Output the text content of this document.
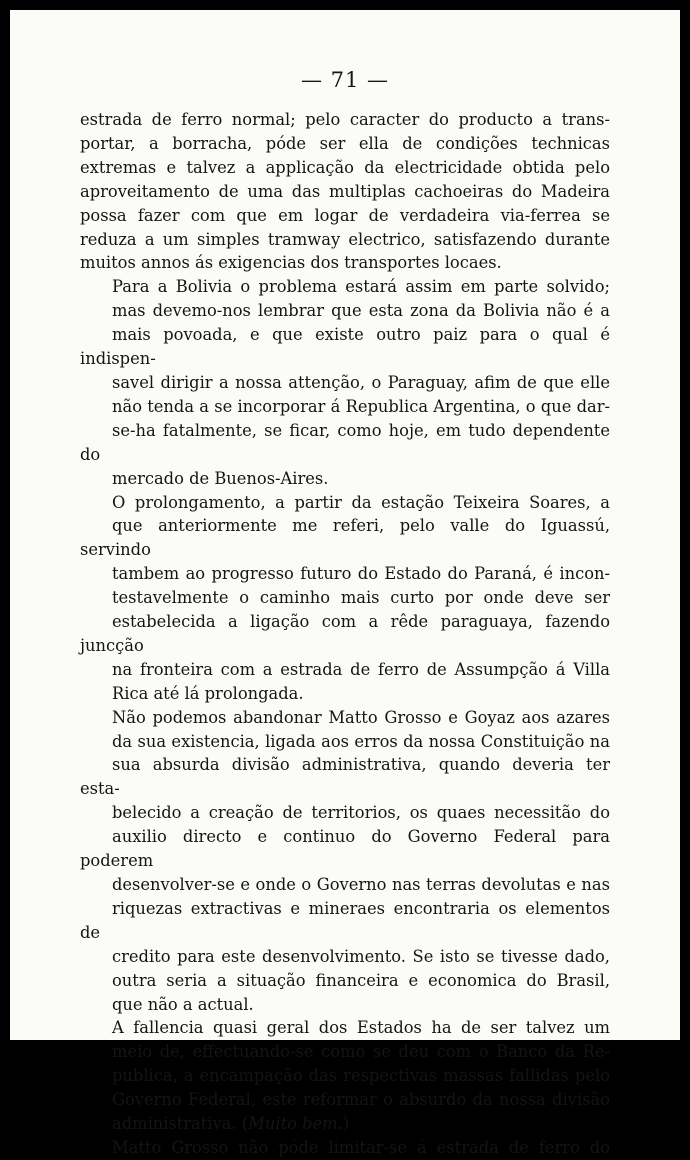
— 71 —

estrada de ferro normal; pelo caracter do producto a trans-
portar, a borracha, póde ser ella de condições technicas
extremas e talvez a applicação da electricidade obtida pelo
aproveitamento de uma das multiplas cachoeiras do Madeira
possa fazer com que em logar de verdadeira via-ferrea se
reduza a um simples tramway electrico, satisfazendo durante
muitos annos ás exigencias dos transportes locaes.

Para a Bolivia o problema estará assim em parte solvido;
mas devemo-nos lembrar que esta zona da Bolivia não é a
mais povoada, e que existe outro paiz para o qual é indispen-
savel dirigir a nossa attenção, o Paraguay, afim de que elle
não tenda a se incorporar á Republica Argentina, o que dar-
se-ha fatalmente, se ficar, como hoje, em tudo dependente do
mercado de Buenos-Aires.

O prolongamento, a partir da estação Teixeira Soares, a
que anteriormente me referi, pelo valle do Iguassú, servindo
tambem ao progresso futuro do Estado do Paraná, é incon-
testavelmente o caminho mais curto por onde deve ser
estabelecida a ligação com a rêde paraguaya, fazendo juncção
na fronteira com a estrada de ferro de Assumpção á Villa
Rica até lá prolongada.

Não podemos abandonar Matto Grosso e Goyaz aos azares
da sua existencia, ligada aos erros da nossa Constituição na
sua absurda divisão administrativa, quando deveria ter esta-
belecido a creação de territorios, os quaes necessitão do
auxilio directo e continuo do Governo Federal para poderem
desenvolver-se e onde o Governo nas terras devolutas e nas
riquezas extractivas e mineraes encontraria os elementos de
credito para este desenvolvimento. Se isto se tivesse dado,
outra seria a situação financeira e economica do Brasil,
que não a actual.

A fallencia quasi geral dos Estados ha de ser talvez um
meio de, effectuando-se como se deu com o Banco da Re-
publica, a encampação das respectivas massas fallidas pelo
Governo Federal, este reformar o absurdo da nossa divisão
administrativa. (Muito bem.)

Matto Grosso não póde limitar-se á estrada de ferro do
